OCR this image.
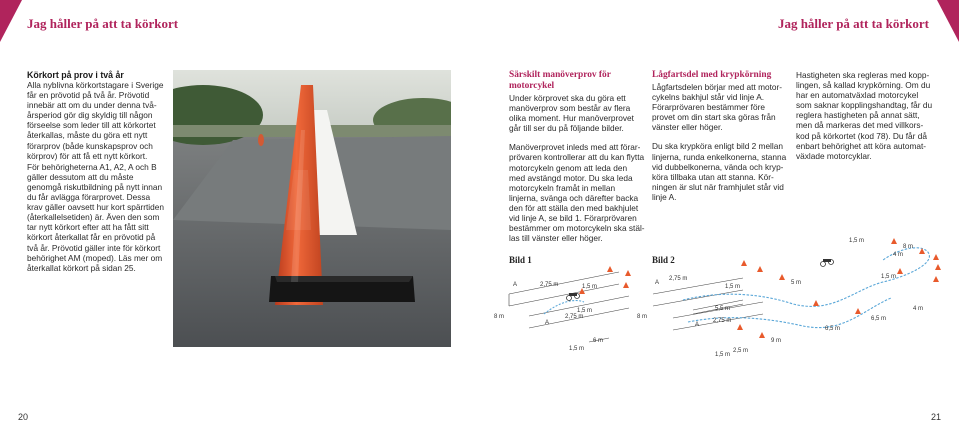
Jag håller på att ta körkort	Jag håller på att ta körkort
Körkort på prov i två år

Alla nyblivna körkortstagare i Sverige får en prövotid på två år. Prövotid innebär att om du under denna två-årsperiod gör dig skyldig till någon förseelse som leder till att körkortet återkallas, måste du göra ett nytt förarprov (både kunskapsprov och körprov) för att få ett nytt körkort.

För behörigheterna A1, A2, A och B gäller dessutom att du måste genomgå riskutbildning på nytt innan du får avlägga förarprovet. Dessa krav gäller oavsett hur kort spärrtiden (återkallelsetiden) är. Även den som tar nytt körkort efter att ha fått sitt körkort återkallat får en prövotid på två år. Prövotid gäller inte för körkort behörighet AM (moped). Läs mer om återkallat körkort på sidan 25.

Särskilt manöverprov för motorcykel

Under körprovet ska du göra ett manöverprov som består av flera olika moment. Hur manöverprovet går till ser du på följande bilder.

Manöverprovet inleds med att förar-prövaren kontrollerar att du kan flytta motorcykeln genom att leda den med avstängd motor. Du ska leda motorcykeln framåt in mellan linjerna, svänga och därefter backa den för att ställa den med bakhjulet vid linje A, se bild 1. Förarprövaren bestämmer om motorcykeln ska stäl-las till vänster eller höger.

Lågfartsdel med krypkörning

Lågfartsdelen börjar med att motor-cykelns bakhjul står vid linje A. Förarprövaren bestämmer före provet om din start ska göras från vänster eller höger.

Du ska krypköra enligt bild 2 mellan linjerna, runda enkelkonerna, stanna vid dubbelkonerna, vända och kryp-köra tillbaka utan att stanna. Kör-ningen är slut när framhjulet står vid linje A.

Hastigheten ska regleras med kopp-lingen, så kallad krypkörning. Om du har en automatväxlad motorcykel som saknar kopplingshandtag, får du reglera hastigheten på annat sätt, men då markeras det med villkors-kod på körkortet (kod 78). Du får då enbart behörighet att köra automat-växlade motorcyklar.

Bild 1	Bild 2
A	2,75 m	1,5 m
8 m
A
2,75 m
1,5 m
1,5 m
6 m
A
2,75 m
1,5 m
8 m
A
5,5 m
2,75 m
1,5 m
2,5 m
9 m
6,5 m
6,5 m
4 m
5 m
1,5 m
8 m
4 m
1,5 m
20	21
